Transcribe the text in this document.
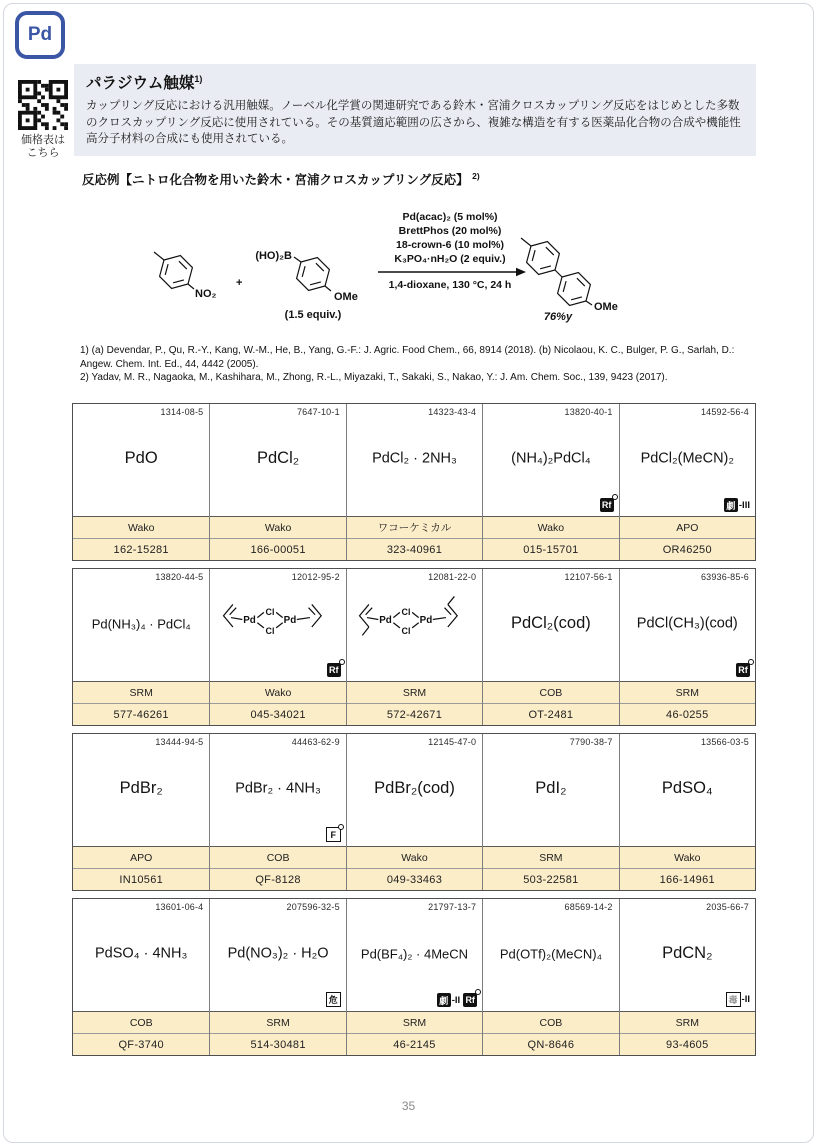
Pd
価格表は
こちら
パラジウム触媒$^{1)}$
カップリング反応における汎用触媒。ノーベル化学賞の関連研究である鈴木・宮浦クロスカップリング反応をはじめとした多数のクロスカップリング反応に使用されている。その基質適応範囲の広さから、複雑な構造を有する医薬品化合物の合成や機能性高分子材料の合成にも使用されている。
反応例【ニトロ化合物を用いた鈴木・宮浦クロスカップリング反応】 $^{2)}$
NO₂
+
(HO)₂B
OMe
(1.5 equiv.)
Pd(acac)₂ (5 mol%)
BrettPhos (20 mol%)
18-crown-6 (10 mol%)
K₃PO₄·nH₂O (2 equiv.)
1,4-dioxane, 130 °C, 24 h
OMe
76%y
1) (a) Devendar, P., Qu, R.-Y., Kang, W.-M., He, B., Yang, G.-F.: J. Agric. Food Chem., 66, 8914 (2018). (b) Nicolaou, K. C., Bulger, P. G., Sarlah, D.: Angew. Chem. Int. Ed., 44, 4442 (2005).
2) Yadav, M. R., Nagaoka, M., Kashihara, M., Zhong, R.-L., Miyazaki, T., Sakaki, S., Nakao, Y.: J. Am. Chem. Soc., 139, 9423 (2017).
1314-08-5
PdO
Wako
162-15281
7647-10-1
PdCl₂
Wako
166-00051
14323-43-4
PdCl₂ · 2NH₃
ワコーケミカル
323-40961
13820-40-1
(NH₄)₂PdCl₄
Rf
Wako
015-15701
14592-56-4
PdCl₂(MeCN)₂
劇 -III
APO
OR46250
13820-44-5
Pd(NH₃)₄ · PdCl₄
SRM
577-46261
12012-95-2
Pd
Cl
Cl
Pd
Rf
Wako
045-34021
12081-22-0
Pd
Cl
Cl
Pd
SRM
572-42671
12107-56-1
PdCl₂(cod)
COB
OT-2481
63936-85-6
PdCl(CH₃)(cod)
Rf
SRM
46-0255
13444-94-5
PdBr₂
APO
IN10561
44463-62-9
PdBr₂ · 4NH₃
F
COB
QF-8128
12145-47-0
PdBr₂(cod)
Wako
049-33463
7790-38-7
PdI₂
SRM
503-22581
13566-03-5
PdSO₄
Wako
166-14961
13601-06-4
PdSO₄ · 4NH₃
COB
QF-3740
207596-32-5
Pd(NO₃)₂ · H₂O
危
SRM
514-30481
21797-13-7
Pd(BF₄)₂ · 4MeCN
劇 -II Rf
SRM
46-2145
68569-14-2
Pd(OTf)₂(MeCN)₄
COB
QN-8646
2035-66-7
PdCN₂
毒 -II
SRM
93-4605
35
